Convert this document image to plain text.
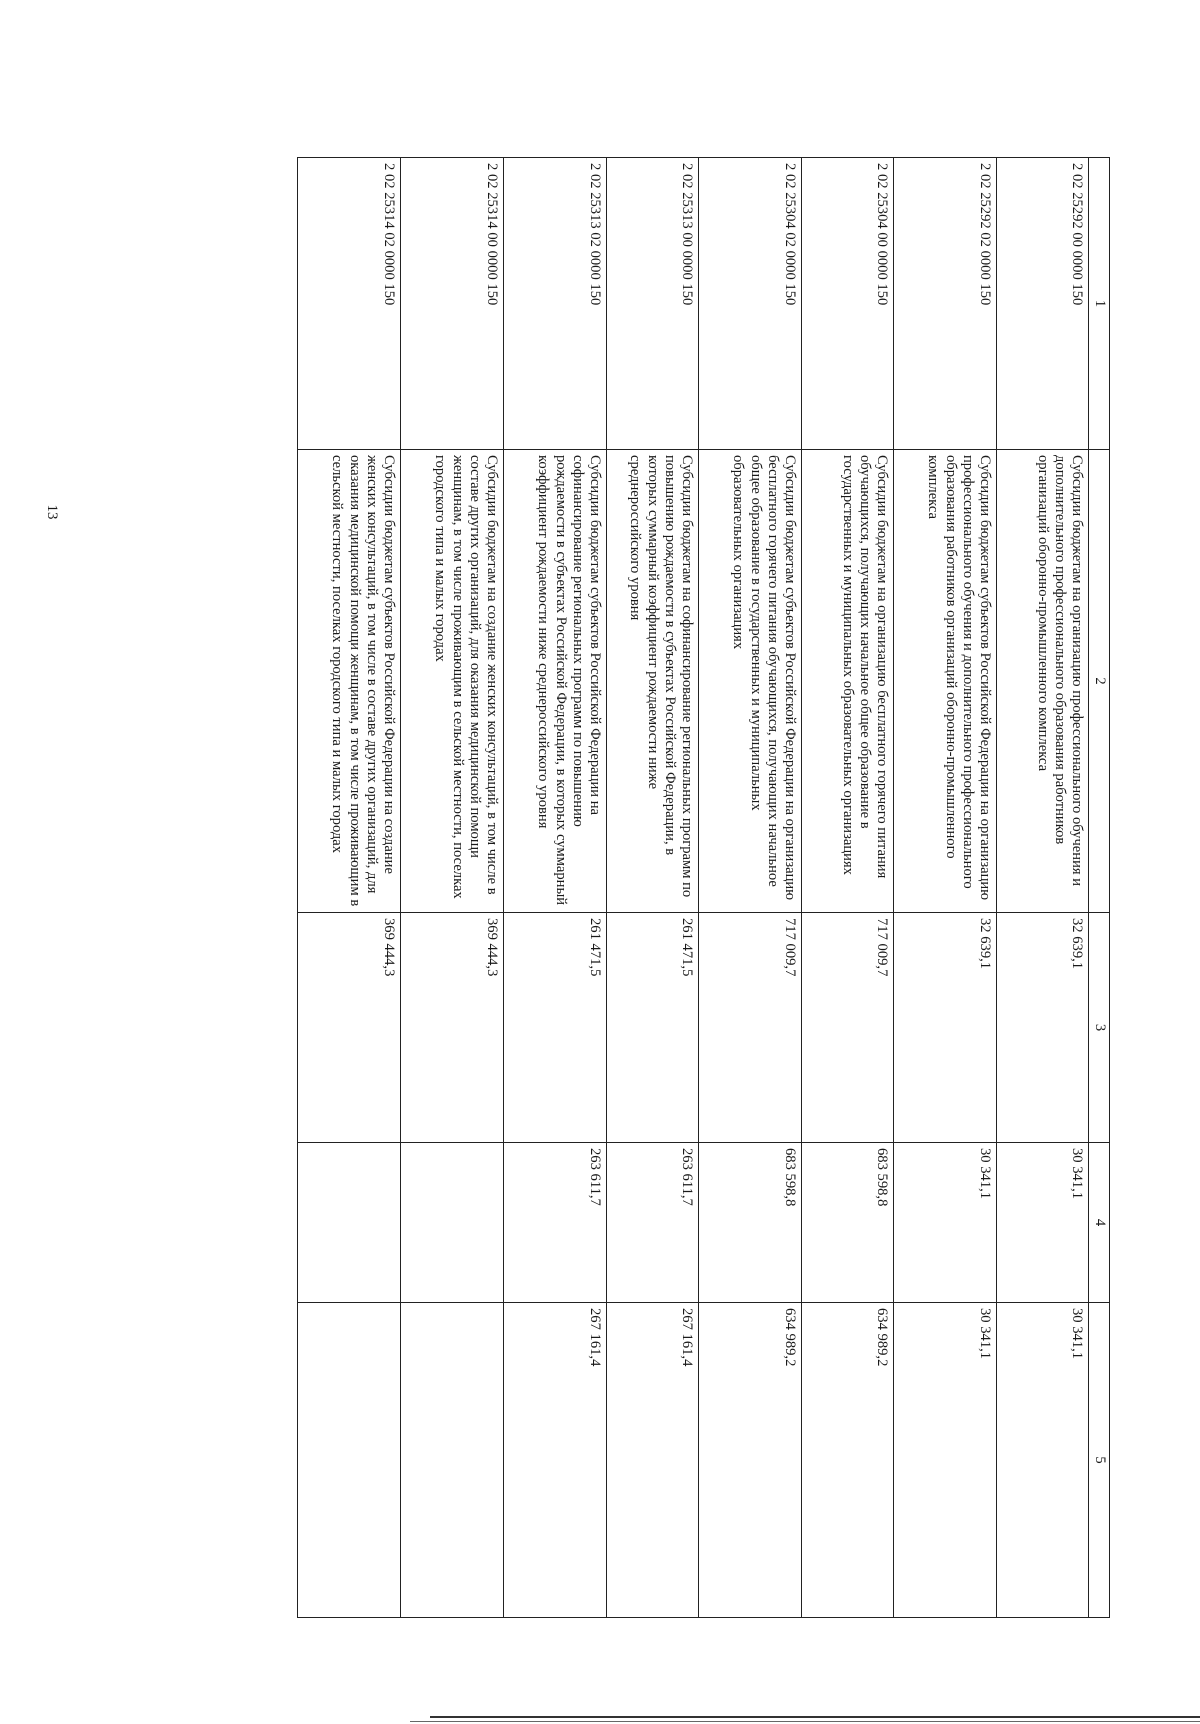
13
1	2	3	4	5
2 02 25292 00 0000 150	Субсидии бюджетам на организацию профессионального обучения и дополнительного профессионального образования работников организаций оборонно-промышленного комплекса	32 639,1	30 341,1	30 341,1
2 02 25292 02 0000 150	Субсидии бюджетам субъектов Российской Федерации на организацию профессионального обучения и дополнительного профессионального образования работников организаций оборонно-промышленного комплекса	32 639,1	30 341,1	30 341,1
2 02 25304 00 0000 150	Субсидии бюджетам на организацию бесплатного горячего питания обучающихся, получающих начальное общее образование в государственных и муниципальных образовательных организациях	717 009,7	683 598,8	634 989,2
2 02 25304 02 0000 150	Субсидии бюджетам субъектов Российской Федерации на организацию бесплатного горячего питания обучающихся, получающих начальное общее образование в государственных и муниципальных образовательных организациях	717 009,7	683 598,8	634 989,2
2 02 25313 00 0000 150	Субсидии бюджетам на софинансирование региональных программ по повышению рождаемости в субъектах Российской Федерации, в которых суммарный коэффициент рождаемости ниже среднероссийского уровня	261 471,5	263 611,7	267 161,4
2 02 25313 02 0000 150	Субсидии бюджетам субъектов Российской Федерации на софинансирование региональных программ по повышению рождаемости в субъектах Российской Федерации, в которых суммарный коэффициент рождаемости ниже среднероссийского уровня	261 471,5	263 611,7	267 161,4
2 02 25314 00 0000 150	Субсидии бюджетам на создание женских консультаций, в том числе в составе других организаций, для оказания медицинской помощи женщинам, в том числе проживающим в сельской местности, поселках городского типа и малых городах	369 444,3		
2 02 25314 02 0000 150	Субсидии бюджетам субъектов Российской Федерации на создание женских консультаций, в том числе в составе других организаций, для оказания медицинской помощи женщинам, в том числе проживающим в сельской местности, поселках городского типа и малых городах	369 444,3		
